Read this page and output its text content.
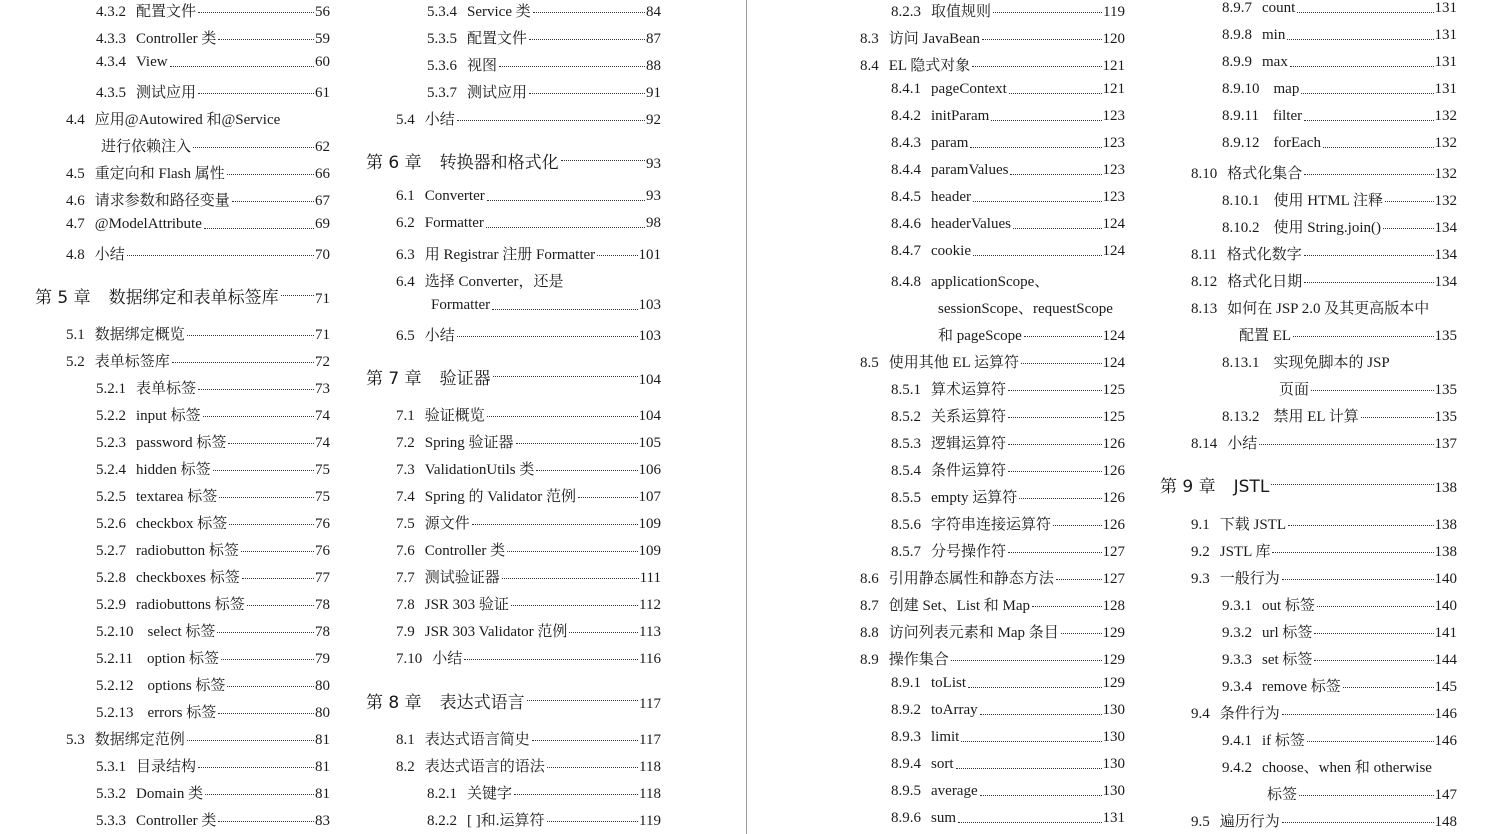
4.3.2 配置文件	56
4.3.3 Controller 类	59
4.3.4 View	60
4.3.5 测试应用	61
4.4 应用@Autowired 和@Service
进行依赖注入	62
4.5 重定向和 Flash 属性	66
4.6 请求参数和路径变量	67
4.7 @ModelAttribute	69
4.8 小结	70
第 5 章 数据绑定和表单标签库 71
5.1 数据绑定概览	71
5.2 表单标签库	72
5.2.1 表单标签	73
5.2.2 input 标签	74
5.2.3 password 标签	74
5.2.4 hidden 标签	75
5.2.5 textarea 标签	75
5.2.6 checkbox 标签	76
5.2.7 radiobutton 标签	76
5.2.8 checkboxes 标签	77
5.2.9 radiobuttons 标签	78
5.2.10 select 标签	78
5.2.11 option 标签	79
5.2.12 options 标签	80
5.2.13 errors 标签	80
5.3 数据绑定范例	81
5.3.1 目录结构	81
5.3.2 Domain 类	81
5.3.3 Controller 类	83
5.3.4 Service 类	84
5.3.5 配置文件	87
5.3.6 视图	88
5.3.7 测试应用	91
5.4 小结	92
第 6 章 转换器和格式化	93
6.1 Converter	93
6.2 Formatter	98
6.3 用 Registrar 注册 Formatter	101
6.4 选择 Converter，还是
Formatter	103
6.5 小结	103
第 7 章 验证器	104
7.1 验证概览	104
7.2 Spring 验证器	105
7.3 ValidationUtils 类	106
7.4 Spring 的 Validator 范例	107
7.5 源文件	109
7.6 Controller 类	109
7.7 测试验证器	111
7.8 JSR 303 验证	112
7.9 JSR 303 Validator 范例	113
7.10 小结	116
第 8 章 表达式语言	117
8.1 表达式语言简史	117
8.2 表达式语言的语法	118
8.2.1 关键字	118
8.2.2 [ ]和.运算符	119
8.2.3 取值规则	119
8.3 访问 JavaBean	120
8.4 EL 隐式对象	121
8.4.1 pageContext	121
8.4.2 initParam	123
8.4.3 param	123
8.4.4 paramValues	123
8.4.5 header	123
8.4.6 headerValues	124
8.4.7 cookie	124
8.4.8 applicationScope、
sessionScope、requestScope
和 pageScope	124
8.5 使用其他 EL 运算符	124
8.5.1 算术运算符	125
8.5.2 关系运算符	125
8.5.3 逻辑运算符	126
8.5.4 条件运算符	126
8.5.5 empty 运算符	126
8.5.6 字符串连接运算符	126
8.5.7 分号操作符	127
8.6 引用静态属性和静态方法	127
8.7 创建 Set、List 和 Map	128
8.8 访问列表元素和 Map 条目	129
8.9 操作集合	129
8.9.1 toList	129
8.9.2 toArray	130
8.9.3 limit	130
8.9.4 sort	130
8.9.5 average	130
8.9.6 sum	131
8.9.7 count	131
8.9.8 min	131
8.9.9 max	131
8.9.10 map	131
8.9.11 filter	132
8.9.12 forEach	132
8.10 格式化集合	132
8.10.1 使用 HTML 注释	132
8.10.2 使用 String.join()	134
8.11 格式化数字	134
8.12 格式化日期	134
8.13 如何在 JSP 2.0 及其更高版本中
配置 EL	135
8.13.1 实现免脚本的 JSP
页面	135
8.13.2 禁用 EL 计算	135
8.14 小结	137
第 9 章 JSTL	138
9.1 下载 JSTL	138
9.2 JSTL 库	138
9.3 一般行为	140
9.3.1 out 标签	140
9.3.2 url 标签	141
9.3.3 set 标签	144
9.3.4 remove 标签	145
9.4 条件行为	146
9.4.1 if 标签	146
9.4.2 choose、when 和 otherwise
标签	147
9.5 遍历行为	148
